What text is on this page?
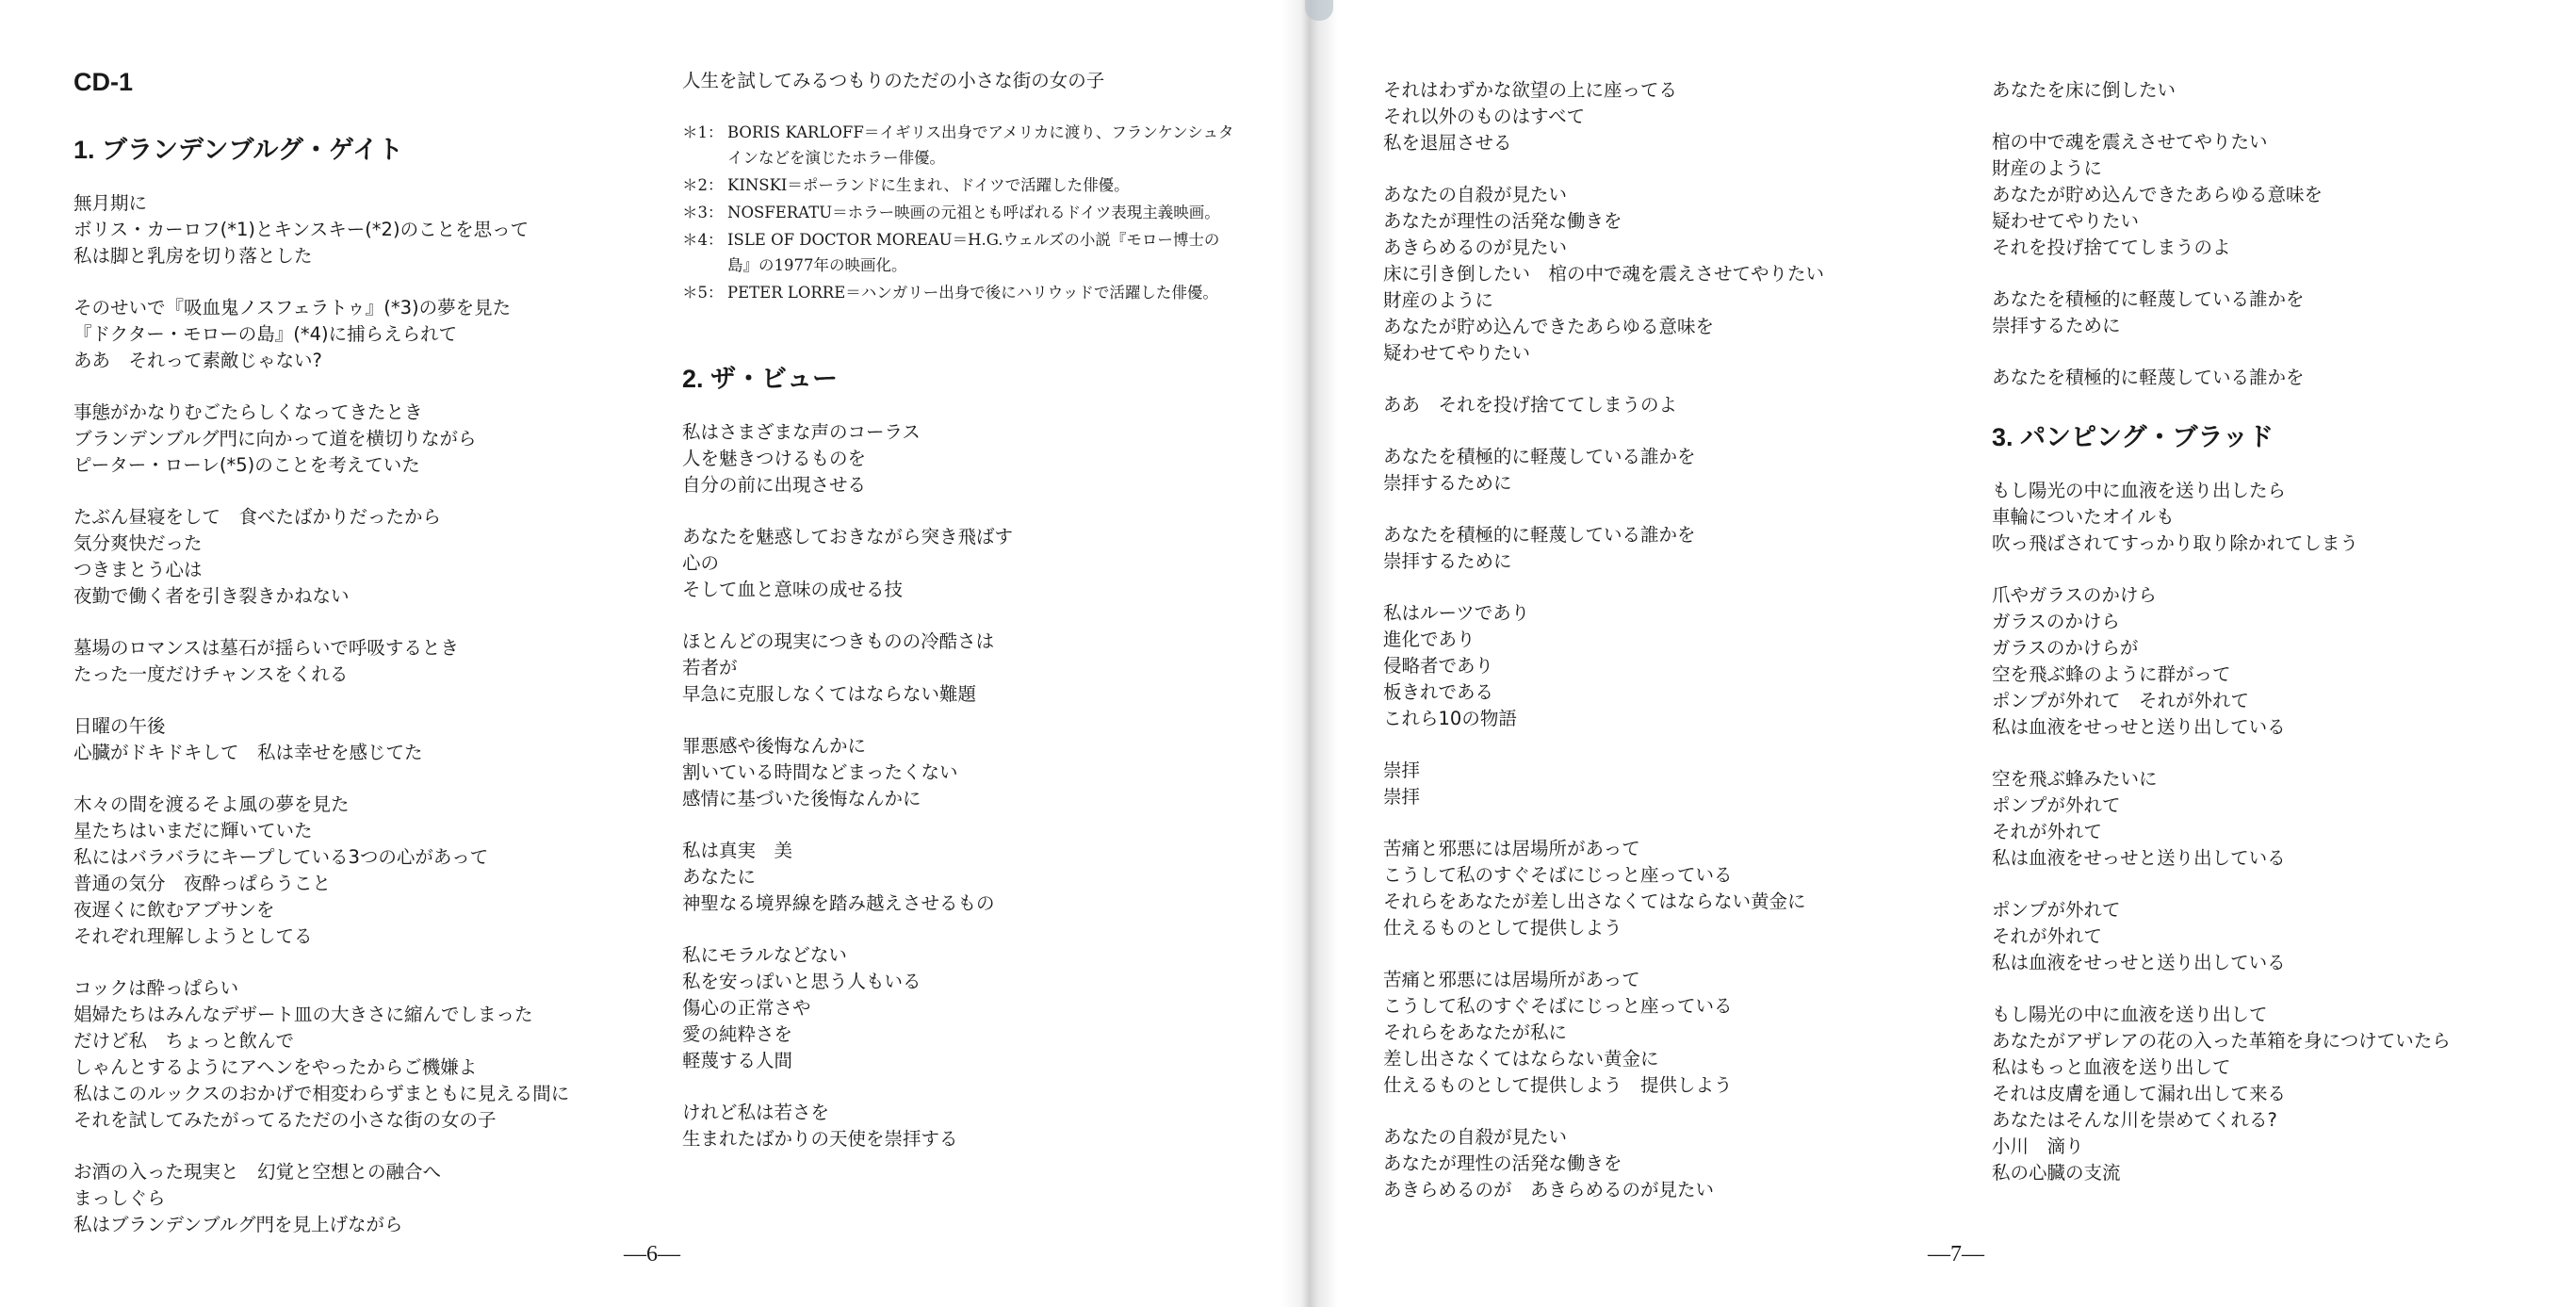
CD-1
1. ブランデンブルグ・ゲイト
無月期に
ボリス・カーロフ(*1)とキンスキー(*2)のことを思って
私は脚と乳房を切り落とした
そのせいで『吸血鬼ノスフェラトゥ』(*3)の夢を見た
『ドクター・モローの島』(*4)に捕らえられて
ああ　それって素敵じゃない?
事態がかなりむごたらしくなってきたとき
ブランデンブルグ門に向かって道を横切りながら
ピーター・ローレ(*5)のことを考えていた
たぶん昼寝をして　食べたばかりだったから
気分爽快だった
つきまとう心は
夜勤で働く者を引き裂きかねない
墓場のロマンスは墓石が揺らいで呼吸するとき
たった一度だけチャンスをくれる
日曜の午後
心臓がドキドキして　私は幸せを感じてた
木々の間を渡るそよ風の夢を見た
星たちはいまだに輝いていた
私にはバラバラにキープしている3つの心があって
普通の気分　夜酔っぱらうこと
夜遅くに飲むアブサンを
それぞれ理解しようとしてる
コックは酔っぱらい
娼婦たちはみんなデザート皿の大きさに縮んでしまった
だけど私　ちょっと飲んで
しゃんとするようにアヘンをやったからご機嫌よ
私はこのルックスのおかげで相変わらずまともに見える間に
それを試してみたがってるただの小さな街の女の子
お酒の入った現実と　幻覚と空想との融合へ
まっしぐら
私はブランデンブルグ門を見上げながら
人生を試してみるつもりのただの小さな街の女の子
＊1： BORIS KARLOFF＝イギリス出身でアメリカに渡り、フランケンシュタインなどを演じたホラー俳優。
＊2： KINSKI＝ポーランドに生まれ、ドイツで活躍した俳優。
＊3： NOSFERATU＝ホラー映画の元祖とも呼ばれるドイツ表現主義映画。
＊4： ISLE OF DOCTOR MOREAU＝H.G.ウェルズの小説『モロー博士の島』の1977年の映画化。
＊5： PETER LORRE＝ハンガリー出身で後にハリウッドで活躍した俳優。
2. ザ・ビュー
私はさまざまな声のコーラス
人を魅きつけるものを
自分の前に出現させる
あなたを魅惑しておきながら突き飛ばす
心の
そして血と意味の成せる技
ほとんどの現実につきものの冷酷さは
若者が
早急に克服しなくてはならない難題
罪悪感や後悔なんかに
割いている時間などまったくない
感情に基づいた後悔なんかに
私は真実　美
あなたに
神聖なる境界線を踏み越えさせるもの
私にモラルなどない
私を安っぽいと思う人もいる
傷心の正常さや
愛の純粋さを
軽蔑する人間
けれど私は若さを
生まれたばかりの天使を崇拝する
—6—
それはわずかな欲望の上に座ってる
それ以外のものはすべて
私を退屈させる
あなたの自殺が見たい
あなたが理性の活発な働きを
あきらめるのが見たい
床に引き倒したい　棺の中で魂を震えさせてやりたい
財産のように
あなたが貯め込んできたあらゆる意味を
疑わせてやりたい
ああ　それを投げ捨ててしまうのよ
あなたを積極的に軽蔑している誰かを
崇拝するために
あなたを積極的に軽蔑している誰かを
崇拝するために
私はルーツであり
進化であり
侵略者であり
板きれである
これら10の物語
崇拝
崇拝
苦痛と邪悪には居場所があって
こうして私のすぐそばにじっと座っている
それらをあなたが差し出さなくてはならない黄金に
仕えるものとして提供しよう
苦痛と邪悪には居場所があって
こうして私のすぐそばにじっと座っている
それらをあなたが私に
差し出さなくてはならない黄金に
仕えるものとして提供しよう　提供しよう
あなたの自殺が見たい
あなたが理性の活発な働きを
あきらめるのが　あきらめるのが見たい
あなたを床に倒したい
棺の中で魂を震えさせてやりたい
財産のように
あなたが貯め込んできたあらゆる意味を
疑わせてやりたい
それを投げ捨ててしまうのよ
あなたを積極的に軽蔑している誰かを
崇拝するために
あなたを積極的に軽蔑している誰かを
3. パンピング・ブラッド
もし陽光の中に血液を送り出したら
車輪についたオイルも
吹っ飛ばされてすっかり取り除かれてしまう
爪やガラスのかけら
ガラスのかけら
ガラスのかけらが
空を飛ぶ蜂のように群がって
ポンプが外れて　それが外れて
私は血液をせっせと送り出している
空を飛ぶ蜂みたいに
ポンプが外れて
それが外れて
私は血液をせっせと送り出している
ポンプが外れて
それが外れて
私は血液をせっせと送り出している
もし陽光の中に血液を送り出して
あなたがアザレアの花の入った革箱を身につけていたら
私はもっと血液を送り出して
それは皮膚を通して漏れ出して来る
あなたはそんな川を崇めてくれる?
小川　滴り
私の心臓の支流
—7—
